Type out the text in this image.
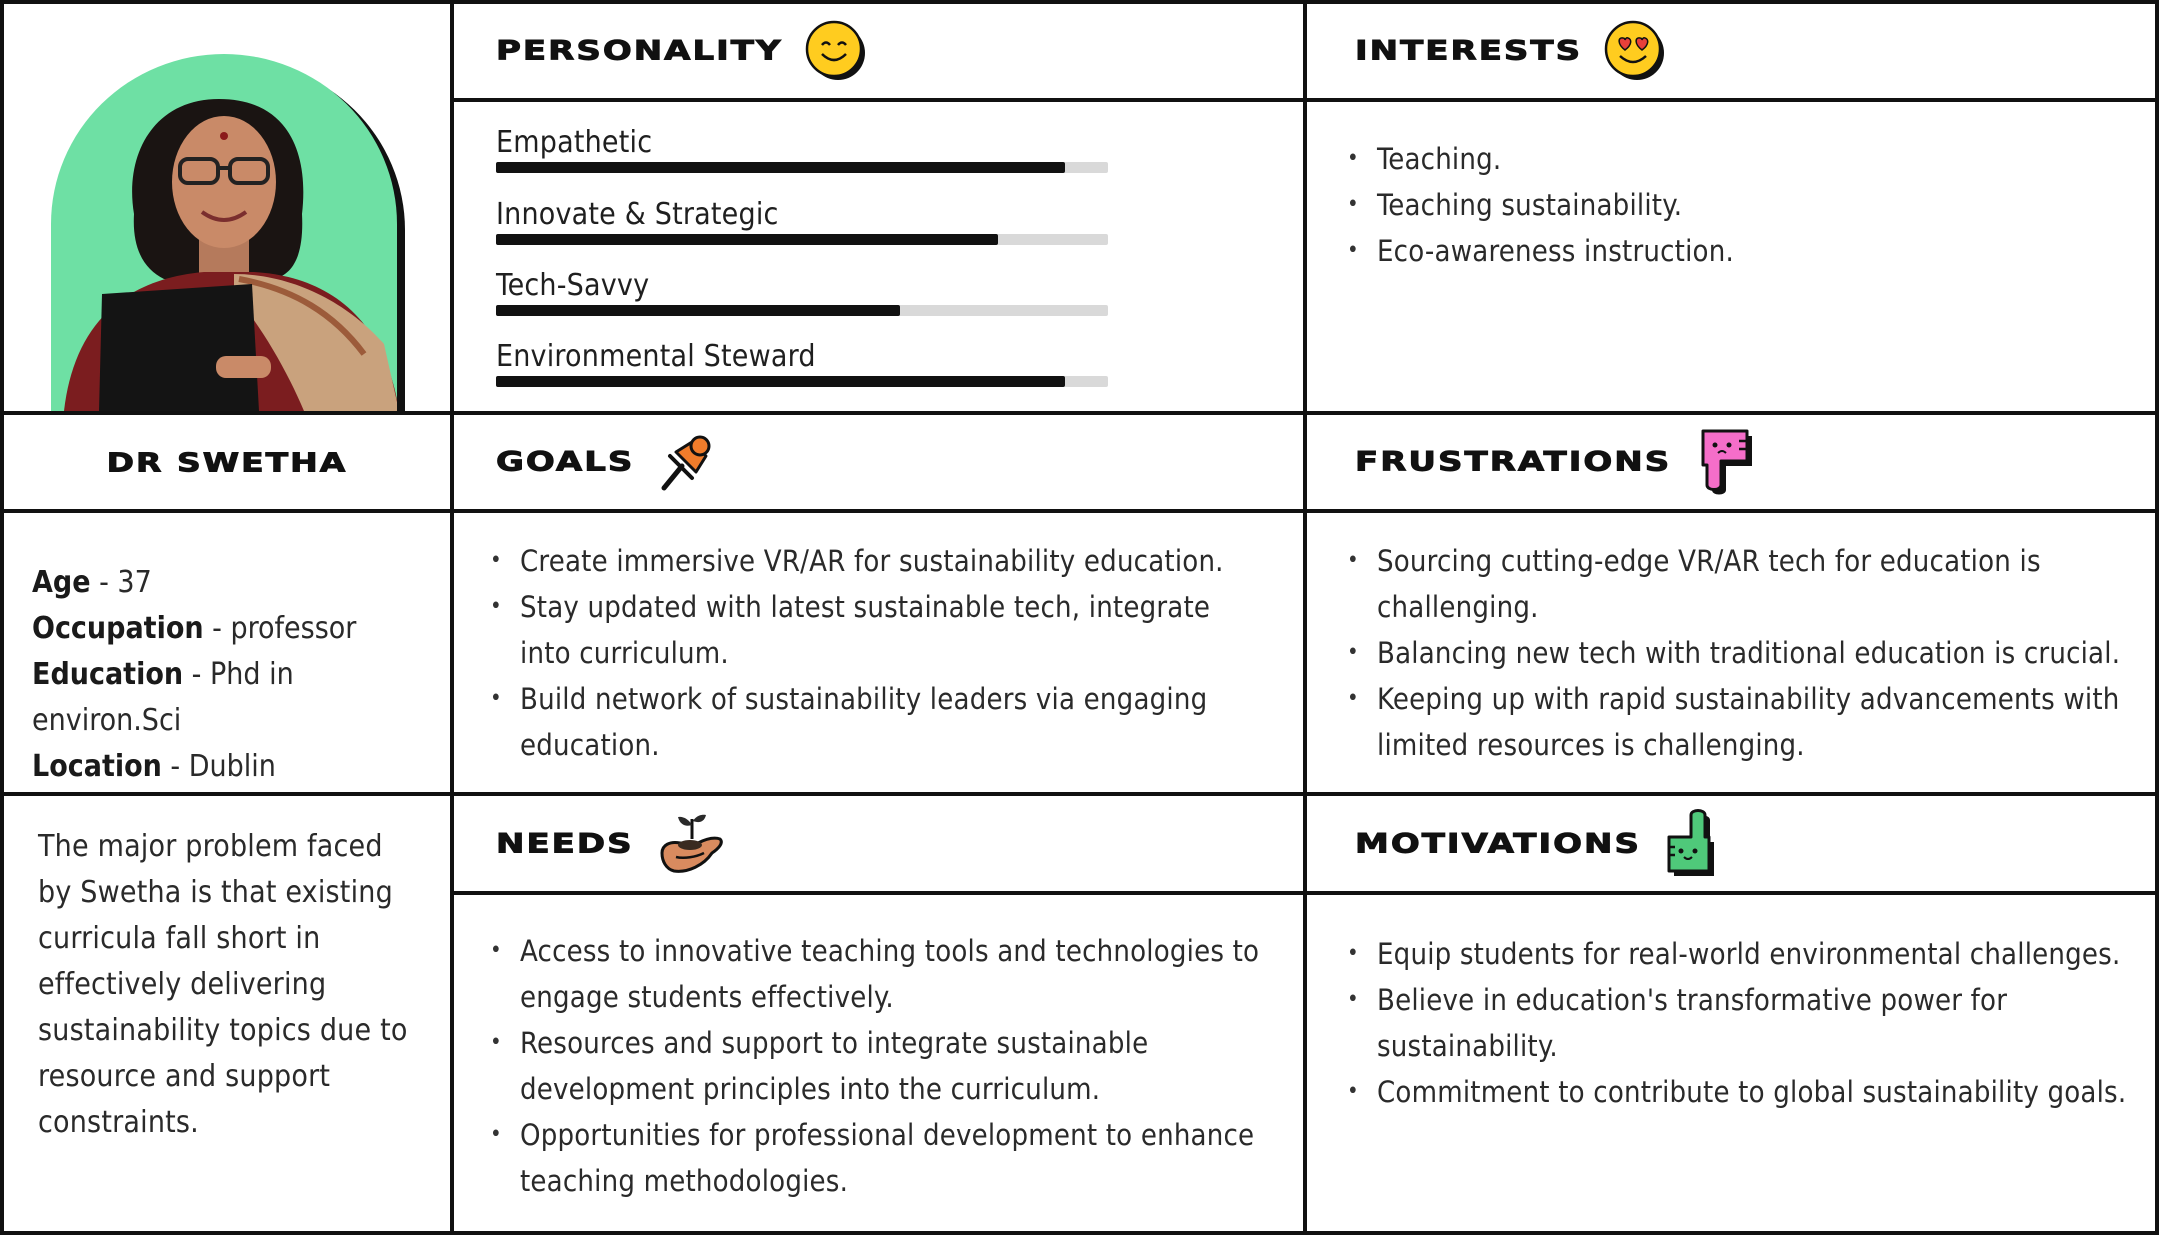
DR SWETHA

Age - 37

Occupation - professor

Education - Phd in environ.Sci

Location - Dublin

The major problem faced by Swetha is that existing curricula fall short in effectively delivering sustainability topics due to resource and support constraints.

PERSONALITY
Empathetic
Innovate & Strategic
Tech-Savvy
Environmental Steward
INTERESTS
• Teaching.
• Teaching sustainability.
• Eco-awareness instruction.
GOALS
• Create immersive VR/AR for sustainability education.
• Stay updated with latest sustainable tech, integrate into curriculum.
• Build network of sustainability leaders via engaging education.
FRUSTRATIONS
• Sourcing cutting-edge VR/AR tech for education is challenging.
• Balancing new tech with traditional education is crucial.
• Keeping up with rapid sustainability advancements with limited resources is challenging.
NEEDS
• Access to innovative teaching tools and technologies to engage students effectively.
• Resources and support to integrate sustainable development principles into the curriculum.
• Opportunities for professional development to enhance teaching methodologies.
MOTIVATIONS
• Equip students for real-world environmental challenges.
• Believe in education's transformative power for sustainability.
• Commitment to contribute to global sustainability goals.
